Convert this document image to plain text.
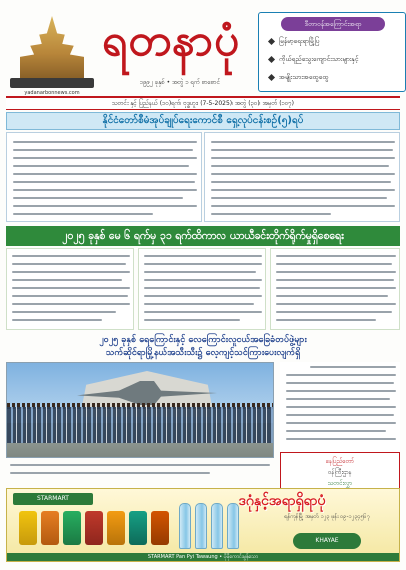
yadanarbonnews.com
ရတနာပုံ
၁၉၉၂ ခုနှစ် • အတွဲ ၁ ရက် စာစောင်
ဒီတာဝန်အကြောင်းအရာ
မြန်မာ့ရေးရာမြို့ပြ
ကိုယ်ရည်သွေးကျောင်းသားများနှင့်
အမျိုးသားအထွေထွေ
သတင်း နှင့် ပြည်နယ် (၁၀)ရက်၊ ဗုဒ္ဓဟူး၊ (7-5-2025)၊ အတွဲ (၃၀)၊ အမှတ် (၁၀၇)
နိုင်ငံတော်စီမံအုပ်ချုပ်ရေးကောင်စီ ရှေ့လုပ်ငန်းစဉ်(၅)ရပ်
၂၀၂၅ ခုနှစ် မေ ၆ ရက်မှ ၃၁ ရက်ထိကာလ ယာယီခင်းတိုက်ရိုက်မှုရှိစေရေး
၂၀၂၅ ခုနှစ် ရေကြောင်းနှင့် လေကြောင်းလူငယ်အခြေခံတပ်ဖွဲ့များ
သက်ဆိုင်ရာမြို့နယ်အသီးသီး၌ လေ့ကျင့်သင်ကြားပေးလျက်ရှိ
နေပြည်တော်
ဝန်ကြီးဌာန
သတင်းလွှာ
STARMART	ဒဂုံနှင့်အရာရှိရာပုံ
ရန်ကုန်မြို့ အမှတ် ၁၂၃ ဖုန်း ၀၉-၁၂၃၄၅၆၇
KHAYAE
STARMART Pan Pyi Tawaung • ပိုမိုကောင်းမွန်သော
